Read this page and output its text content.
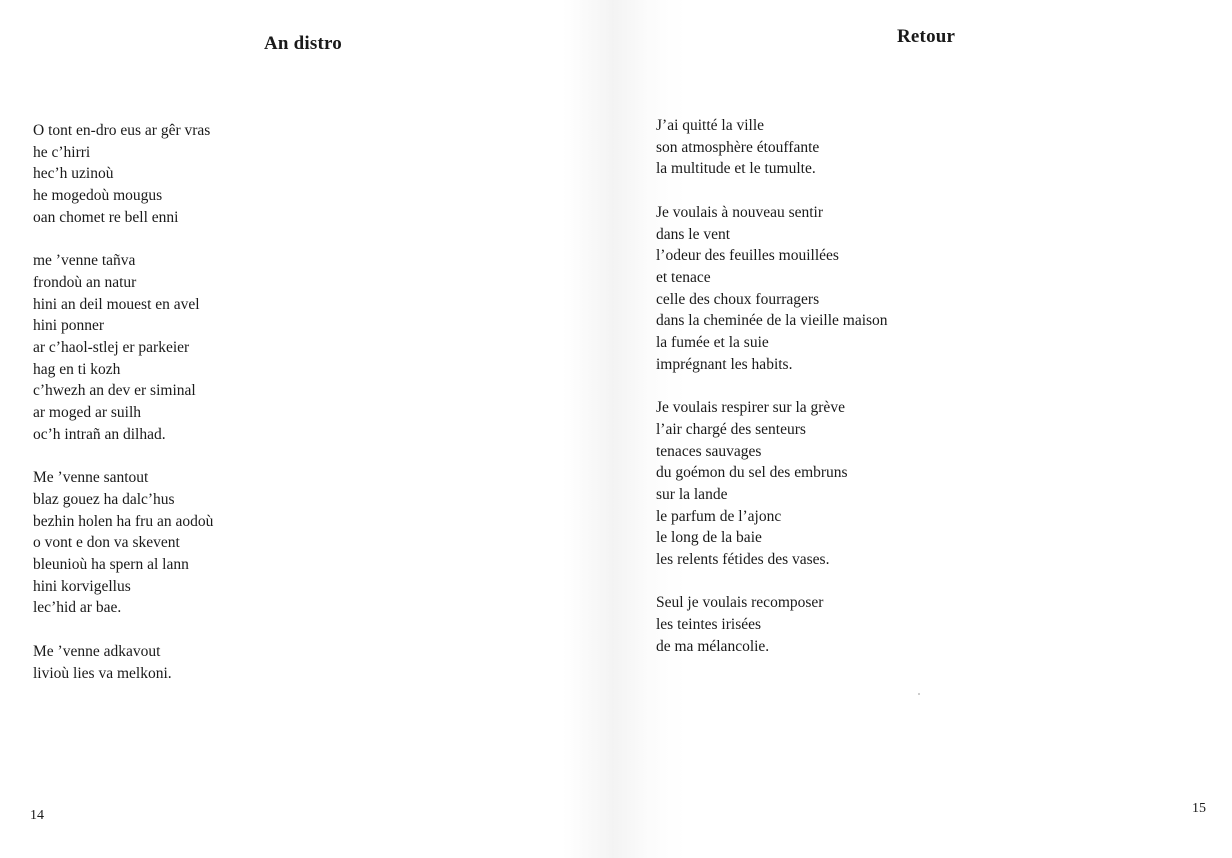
An distro
O tont en-dro eus ar gêr vras
he c’hirri
hec’h uzinoù
he mogedoù mougus
oan chomet re bell enni
me ’venne tañva
frondoù an natur
hini an deil mouest en avel
hini ponner
ar c’haol-stlej er parkeier
hag en ti kozh
c’hwezh an dev er siminal
ar moged ar suilh
oc’h intrañ an dilhad.
Me ’venne santout
blaz gouez ha dalc’hus
bezhin holen ha fru an aodoù
o vont e don va skevent
bleunioù ha spern al lann
hini korvigellus
lec’hid ar bae.
Me ’venne adkavout
livioù lies va melkoni.
14
Retour
J’ai quitté la ville
son atmosphère étouffante
la multitude et le tumulte.
Je voulais à nouveau sentir
dans le vent
l’odeur des feuilles mouillées
et tenace
celle des choux fourragers
dans la cheminée de la vieille maison
la fumée et la suie
imprégnant les habits.
Je voulais respirer sur la grève
l’air chargé des senteurs
tenaces sauvages
du goémon du sel des embruns
sur la lande
le parfum de l’ajonc
le long de la baie
les relents fétides des vases.
Seul je voulais recomposer
les teintes irisées
de ma mélancolie.
15
